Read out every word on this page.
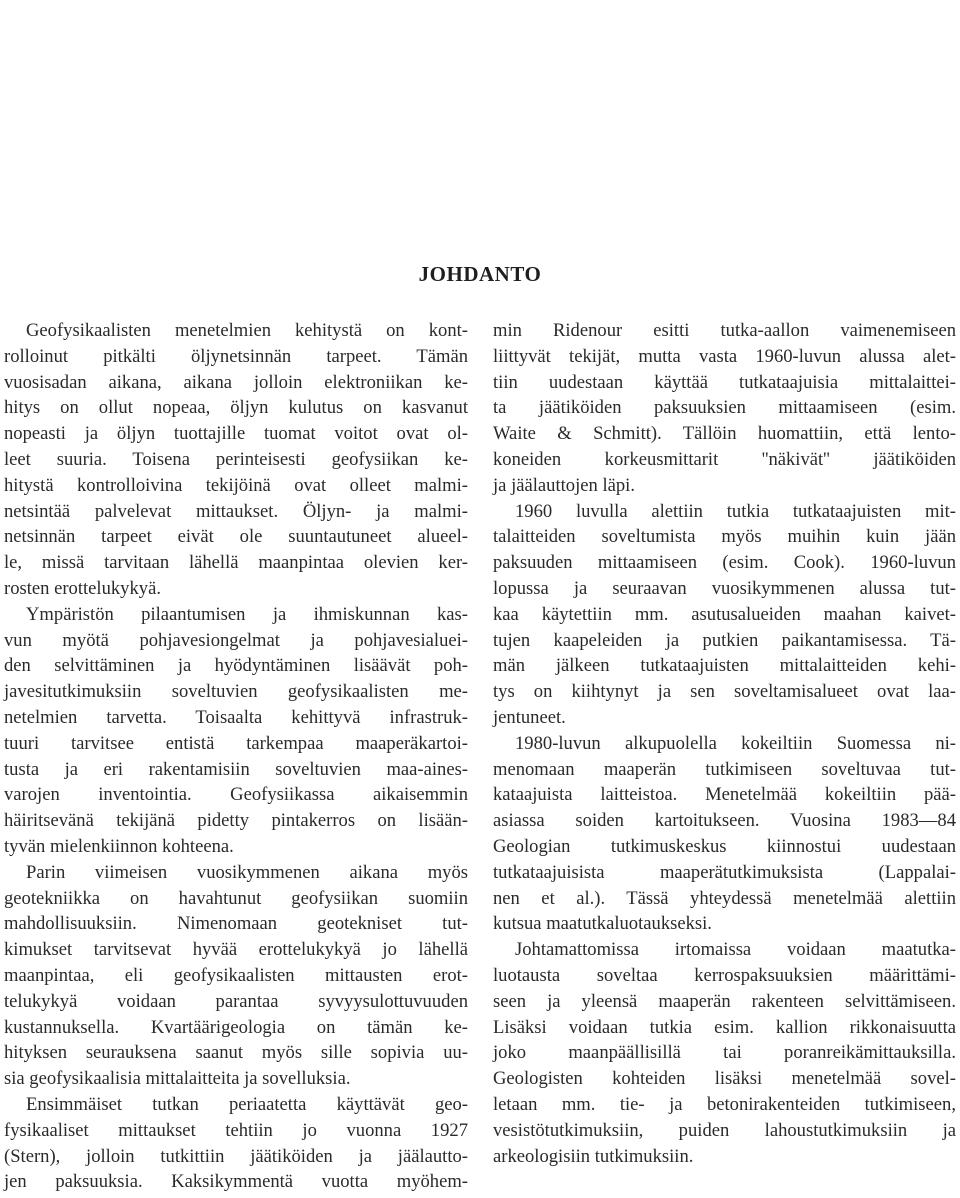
JOHDANTO
Geofysikaalisten menetelmien kehitystä on kont-
rolloinut pitkälti öljynetsinnän tarpeet. Tämän
vuosisadan aikana, aikana jolloin elektroniikan ke-
hitys on ollut nopeaa, öljyn kulutus on kasvanut
nopeasti ja öljyn tuottajille tuomat voitot ovat ol-
leet suuria. Toisena perinteisesti geofysiikan ke-
hitystä kontrolloivina tekijöinä ovat olleet malmi-
netsintää palvelevat mittaukset. Öljyn- ja malmi-
netsinnän tarpeet eivät ole suuntautuneet alueel-
le, missä tarvitaan lähellä maanpintaa olevien ker-
rosten erottelukykyä.
Ympäristön pilaantumisen ja ihmiskunnan kas-
vun myötä pohjavesiongelmat ja pohjavesialuei-
den selvittäminen ja hyödyntäminen lisäävät poh-
javesitutkimuksiin soveltuvien geofysikaalisten me-
netelmien tarvetta. Toisaalta kehittyvä infrastruk-
tuuri tarvitsee entistä tarkempaa maaperäkartoi-
tusta ja eri rakentamisiin soveltuvien maa-aines-
varojen inventointia. Geofysiikassa aikaisemmin
häiritsevänä tekijänä pidetty pintakerros on lisään-
tyvän mielenkiinnon kohteena.
Parin viimeisen vuosikymmenen aikana myös
geotekniikka on havahtunut geofysiikan suomiin
mahdollisuuksiin. Nimenomaan geotekniset tut-
kimukset tarvitsevat hyvää erottelukykyä jo lähellä
maanpintaa, eli geofysikaalisten mittausten erot-
telukykyä voidaan parantaa syvyysulottuvuuden
kustannuksella. Kvartäärigeologia on tämän ke-
hityksen seurauksena saanut myös sille sopivia uu-
sia geofysikaalisia mittalaitteita ja sovelluksia.
Ensimmäiset tutkan periaatetta käyttävät geo-
fysikaaliset mittaukset tehtiin jo vuonna 1927
(Stern), jolloin tutkittiin jäätiköiden ja jäälautto-
jen paksuuksia. Kaksikymmentä vuotta myöhem-
min Ridenour esitti tutka-aallon vaimenemiseen
liittyvät tekijät, mutta vasta 1960-luvun alussa alet-
tiin uudestaan käyttää tutkataajuisia mittalaittei-
ta jäätiköiden paksuuksien mittaamiseen (esim.
Waite & Schmitt). Tällöin huomattiin, että lento-
koneiden korkeusmittarit ''näkivät'' jäätiköiden
ja jäälauttojen läpi.
1960 luvulla alettiin tutkia tutkataajuisten mit-
talaitteiden soveltumista myös muihin kuin jään
paksuuden mittaamiseen (esim. Cook). 1960-luvun
lopussa ja seuraavan vuosikymmenen alussa tut-
kaa käytettiin mm. asutusalueiden maahan kaivet-
tujen kaapeleiden ja putkien paikantamisessa. Tä-
män jälkeen tutkataajuisten mittalaitteiden kehi-
tys on kiihtynyt ja sen soveltamisalueet ovat laa-
jentuneet.
1980-luvun alkupuolella kokeiltiin Suomessa ni-
menomaan maaperän tutkimiseen soveltuvaa tut-
kataajuista laitteistoa. Menetelmää kokeiltiin pää-
asiassa soiden kartoitukseen. Vuosina 1983—84
Geologian tutkimuskeskus kiinnostui uudestaan
tutkataajuisista maaperätutkimuksista (Lappalai-
nen et al.). Tässä yhteydessä menetelmää alettiin
kutsua maatutkaluotaukseksi.
Johtamattomissa irtomaissa voidaan maatutka-
luotausta soveltaa kerrospaksuuksien määrittämi-
seen ja yleensä maaperän rakenteen selvittämiseen.
Lisäksi voidaan tutkia esim. kallion rikkonaisuutta
joko maanpäällisillä tai poranreikämittauksilla.
Geologisten kohteiden lisäksi menetelmää sovel-
letaan mm. tie- ja betonirakenteiden tutkimiseen,
vesistötutkimuksiin, puiden lahoustutkimuksiin ja
arkeologisiin tutkimuksiin.
